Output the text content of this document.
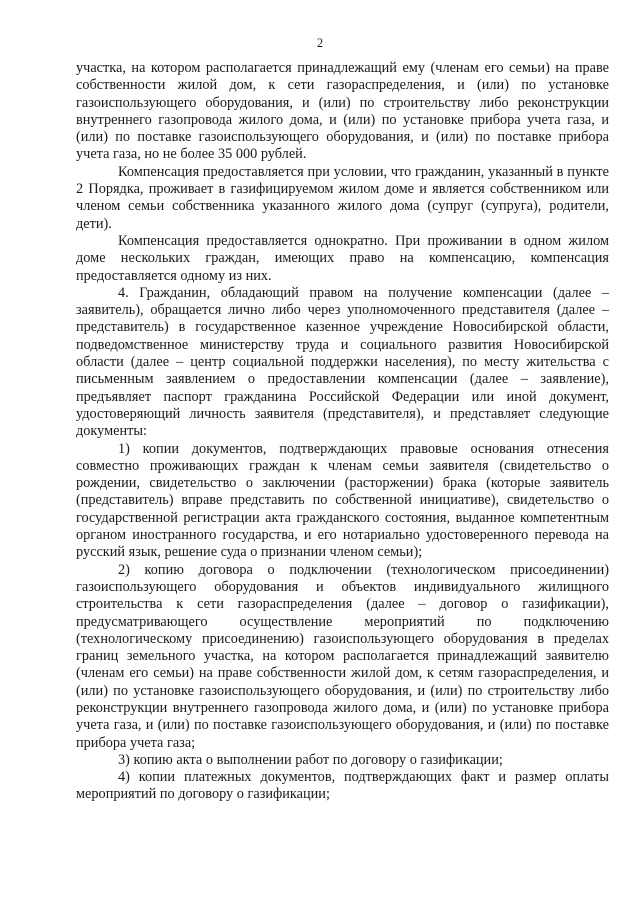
2

участка, на котором располагается принадлежащий ему (членам его семьи) на праве собственности жилой дом, к сети газораспределения, и (или) по установке газоиспользующего оборудования, и (или) по строительству либо реконструкции внутреннего газопровода жилого дома, и (или) по установке прибора учета газа, и (или) по поставке газоиспользующего оборудования, и (или) по поставке прибора учета газа, но не более 35 000 рублей.

Компенсация предоставляется при условии, что гражданин, указанный в пункте 2 Порядка, проживает в газифицируемом жилом доме и является собственником или членом семьи собственника указанного жилого дома (супруг (супруга), родители, дети).

Компенсация предоставляется однократно. При проживании в одном жилом доме нескольких граждан, имеющих право на компенсацию, компенсация предоставляется одному из них.

4. Гражданин, обладающий правом на получение компенсации (далее – заявитель), обращается лично либо через уполномоченного представителя (далее – представитель) в государственное казенное учреждение Новосибирской области, подведомственное министерству труда и социального развития Новосибирской области (далее – центр социальной поддержки населения), по месту жительства с письменным заявлением о предоставлении компенсации (далее – заявление), предъявляет паспорт гражданина Российской Федерации или иной документ, удостоверяющий личность заявителя (представителя), и представляет следующие документы:

1) копии документов, подтверждающих правовые основания отнесения совместно проживающих граждан к членам семьи заявителя (свидетельство о рождении, свидетельство о заключении (расторжении) брака (которые заявитель (представитель) вправе представить по собственной инициативе), свидетельство о государственной регистрации акта гражданского состояния, выданное компетентным органом иностранного государства, и его нотариально удостоверенного перевода на русский язык, решение суда о признании членом семьи);

2) копию договора о подключении (технологическом присоединении) газоиспользующего оборудования и объектов индивидуального жилищного строительства к сети газораспределения (далее – договор о газификации), предусматривающего осуществление мероприятий по подключению (технологическому присоединению) газоиспользующего оборудования в пределах границ земельного участка, на котором располагается принадлежащий заявителю (членам его семьи) на праве собственности жилой дом, к сетям газораспределения, и (или) по установке газоиспользующего оборудования, и (или) по строительству либо реконструкции внутреннего газопровода жилого дома, и (или) по установке прибора учета газа, и (или) по поставке газоиспользующего оборудования, и (или) по поставке прибора учета газа;

3) копию акта о выполнении работ по договору о газификации;

4) копии платежных документов, подтверждающих факт и размер оплаты мероприятий по договору о газификации;
